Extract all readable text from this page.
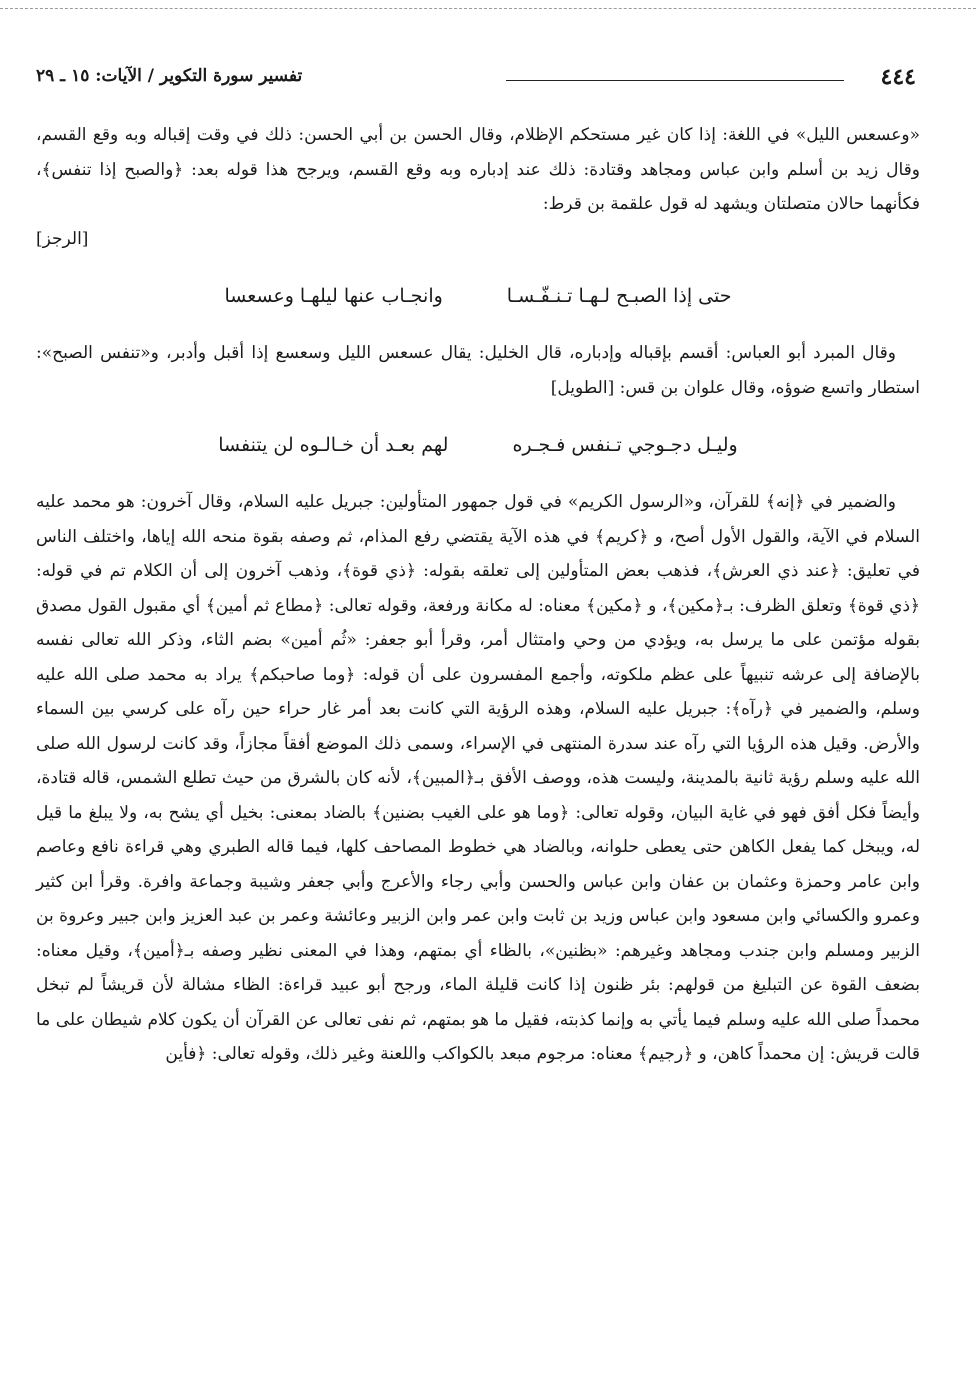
٤٤٤
تفسير سورة التكوير / الآيات: ١٥ ـ ٢٩

«وعسعس الليل» في اللغة: إذا كان غير مستحكم الإظلام، وقال الحسن بن أبي الحسن: ذلك في وقت إقباله وبه وقع القسم، وقال زيد بن أسلم وابن عباس ومجاهد وقتادة: ذلك عند إدباره وبه وقع القسم، ويرجح هذا قوله بعد: ﴿والصبح إذا تنفس﴾، فكأنهما حالان متصلتان ويشهد له قول علقمة بن قرط:
[الرجز]

حتى إذا الصبـح لـهـا تـنـفّـسـا
وانجـاب عنها ليلهـا وعسعسا

وقال المبرد أبو العباس: أقسم بإقباله وإدباره، قال الخليل: يقال عسعس الليل وسعسع إذا أقبل وأدبر، و«تنفس الصبح»: استطار واتسع ضوؤه، وقال علوان بن قس: [الطويل]

وليـل دجـوجي تـنفس فـجـره
لهم بعـد أن خـالـوه لن يتنفسا

والضمير في ﴿إنه﴾ للقرآن، و«الرسول الكريم» في قول جمهور المتأولين: جبريل عليه السلام، وقال آخرون: هو محمد عليه السلام في الآية، والقول الأول أصح، و ﴿كريم﴾ في هذه الآية يقتضي رفع المذام، ثم وصفه بقوة منحه الله إياها، واختلف الناس في تعليق: ﴿عند ذي العرش﴾، فذهب بعض المتأولين إلى تعلقه بقوله: ﴿ذي قوة﴾، وذهب آخرون إلى أن الكلام تم في قوله: ﴿ذي قوة﴾ وتعلق الظرف: بـ﴿مكين﴾، و ﴿مكين﴾ معناه: له مكانة ورفعة، وقوله تعالى: ﴿مطاع ثم أمين﴾ أي مقبول القول مصدق بقوله مؤتمن على ما يرسل به، ويؤدي من وحي وامتثال أمر، وقرأ أبو جعفر: «ثُم أمين» بضم الثاء، وذكر الله تعالى نفسه بالإضافة إلى عرشه تنبيهاً على عظم ملكوته، وأجمع المفسرون على أن قوله: ﴿وما صاحبكم﴾ يراد به محمد صلى الله عليه وسلم، والضمير في ﴿رآه﴾: جبريل عليه السلام، وهذه الرؤية التي كانت بعد أمر غار حراء حين رآه على كرسي بين السماء والأرض. وقيل هذه الرؤيا التي رآه عند سدرة المنتهى في الإسراء، وسمى ذلك الموضع أفقاً مجازاً، وقد كانت لرسول الله صلى الله عليه وسلم رؤية ثانية بالمدينة، وليست هذه، ووصف الأفق بـ﴿المبين﴾، لأنه كان بالشرق من حيث تطلع الشمس، قاله قتادة، وأيضاً فكل أفق فهو في غاية البيان، وقوله تعالى: ﴿وما هو على الغيب بضنين﴾ بالضاد بمعنى: بخيل أي يشح به، ولا يبلغ ما قيل له، ويبخل كما يفعل الكاهن حتى يعطى حلوانه، وبالضاد هي خطوط المصاحف كلها، فيما قاله الطبري وهي قراءة نافع وعاصم وابن عامر وحمزة وعثمان بن عفان وابن عباس والحسن وأبي رجاء والأعرج وأبي جعفر وشيبة وجماعة وافرة. وقرأ ابن كثير وعمرو والكسائي وابن مسعود وابن عباس وزيد بن ثابت وابن عمر وابن الزبير وعائشة وعمر بن عبد العزيز وابن جبير وعروة بن الزبير ومسلم وابن جندب ومجاهد وغيرهم: «بظنين»، بالظاء أي بمتهم، وهذا في المعنى نظير وصفه بـ﴿أمين﴾، وقيل معناه: بضعف القوة عن التبليغ من قولهم: بئر ظنون إذا كانت قليلة الماء، ورجح أبو عبيد قراءة: الظاء مشالة لأن قريشاً لم تبخل محمداً صلى الله عليه وسلم فيما يأتي به وإنما كذبته، فقيل ما هو بمتهم، ثم نفى تعالى عن القرآن أن يكون كلام شيطان على ما قالت قريش: إن محمداً كاهن، و ﴿رجيم﴾ معناه: مرجوم مبعد بالكواكب واللعنة وغير ذلك، وقوله تعالى: ﴿فأين
